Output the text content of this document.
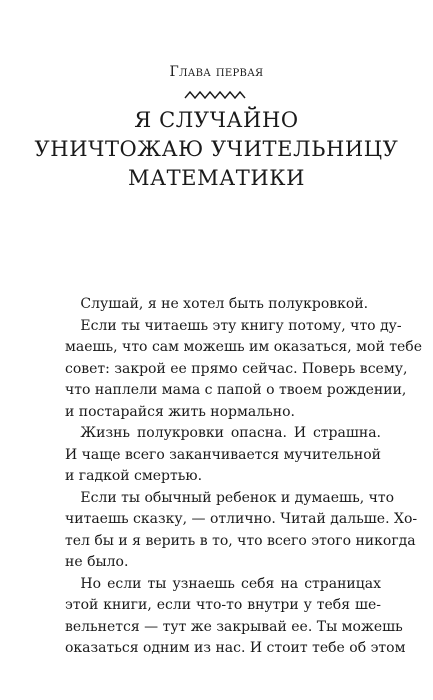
Глава первая
Я СЛУЧАЙНО
УНИЧТОЖАЮ УЧИТЕЛЬНИЦУ
МАТЕМАТИКИ
Слушай, я не хотел быть полукровкой.
Если ты читаешь эту книгу потому, что ду-
маешь, что сам можешь им оказаться, мой тебе
совет: закрой ее прямо сейчас. Поверь всему,
что наплели мама с папой о твоем рождении,
и постарайся жить нормально.
Жизнь полукровки опасна. И страшна.
И чаще всего заканчивается мучительной
и гадкой смертью.
Если ты обычный ребенок и думаешь, что
читаешь сказку, — отлично. Читай дальше. Хо-
тел бы и я верить в то, что всего этого никогда
не было.
Но если ты узнаешь себя на страницах
этой книги, если что-то внутри у тебя ше-
вельнется — тут же закрывай ее. Ты можешь
оказаться одним из нас. И стоит тебе об этом
